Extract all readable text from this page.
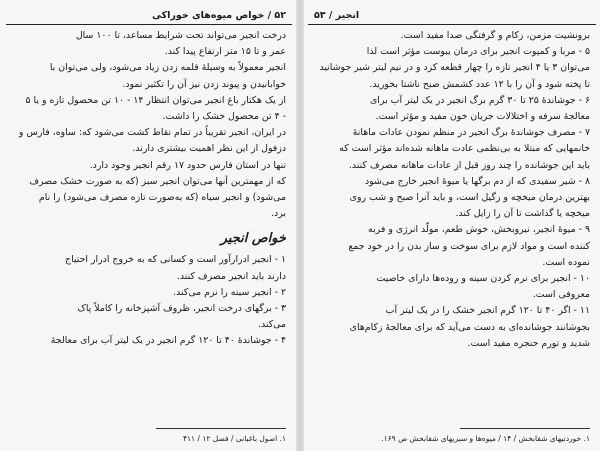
۵۲ / خواص میوه‌های خوراکی
درخت انجیر می‌تواند تحت شرایط مساعد، تا ۱۰۰ سال
عمر و تا ۱۵ متر ارتفاع پیدا کند.
انجیر معمولاً به وسیلهٔ قلمه زدن زیاد می‌شود، ولی می‌توان با
خوابانیدن و پیوند زدن نیز آن را تکثیر نمود.
از یک هکتار باغ انجیر می‌توان انتظار ۱۴ - ۱۰ تن محصول تازه و یا ۵
- ۴ تن محصول خشک را داشت.
در ایران، انجیر تقریباً در تمام نقاط کشت می‌شود که: ساوه، فارس و
دزفول از این نظر اهمیت بیشتری دارند.
تنها در استان فارس حدود ۱۷ رقم انجیر وجود دارد.
که از مهمترین آنها می‌توان انجیر سبز (که به صورت خشک مصرف
می‌شود) و انجیر سیاه (که به‌صورت تازه مصرف می‌شود) را نام
برد.
خواص انجیر
۱ - انجیر ادرارآور است و کسانی که به خروج ادرار احتیاج
دارند باید انجیر مصرف کنند.
۲ - انجیر سینه را نرم می‌کند.
۳ - برگهای درخت انجیر، ظروف آشپزخانه را کاملاً پاک
می‌کند.
۴ - جوشاندهٔ ۴۰ تا ۱۲۰ گرم انجیر در یک لیتر آب برای معالجهٔ
۱. اصول باغبانی / فصل ۱۲ / ۴۱۱
انجیر / ۵۳
برونشیت مزمن، زکام و گرفتگی صدا مفید است.
۵ - مربا و کمپوت انجیر برای درمان یبوست مؤثر است لذا
می‌توان ۳ یا ۴ انجیر تازه را چهار قطعه کرد و در نیم لیتر شیر جوشانید
تا پخته شود و آن را با ۱۲ عدد کشمش صبح ناشتا بخورید.
۶ - جوشاندهٔ ۲۵ تا ۳۰ گرم برگ انجیر در یک لیتر آب برای
معالجهٔ سرفه و اختلالات جریان خون مفید و مؤثر است.
۷ - مصرف جوشاندهٔ برگ انجیر در منظم نمودن عادات ماهانهٔ
خانمهایی که مبتلا به بی‌نظمی عادت ماهانه شده‌اند مؤثر است که
باید این جوشانده را چند روز قبل از عادات ماهانه مصرف کنند.
۸ - شیر سفیدی که از دم برگها یا میوهٔ انجیر خارج می‌شود
بهترین درمان میخچه و زگیل است، و باید آنرا صبح و شب روی
میخچه یا گذاشت تا آن را زایل کند.
۹ - میوهٔ انجیر، نیروبخش، خوش طعم، مولّد انرژی و فربه
کننده است و مواد لازم برای سوخت و ساز بدن را در خود جمع
نموده است.
۱۰ - انجیر برای نرم کردن سینه و روده‌ها دارای خاصیت
معروفی است.
۱۱ - اگر ۴۰ تا ۱۲۰ گرم انجیر خشک را در یک لیتر آب
بجوشانند جوشانده‌ای به دست می‌آید که برای معالجهٔ زکام‌های
شدید و تورم حنجره مفید است.
۱. خوردنیهای شفابخش / ۱۴ / میوه‌ها و سبزیهای شفابخش ص ۱۶۹.
